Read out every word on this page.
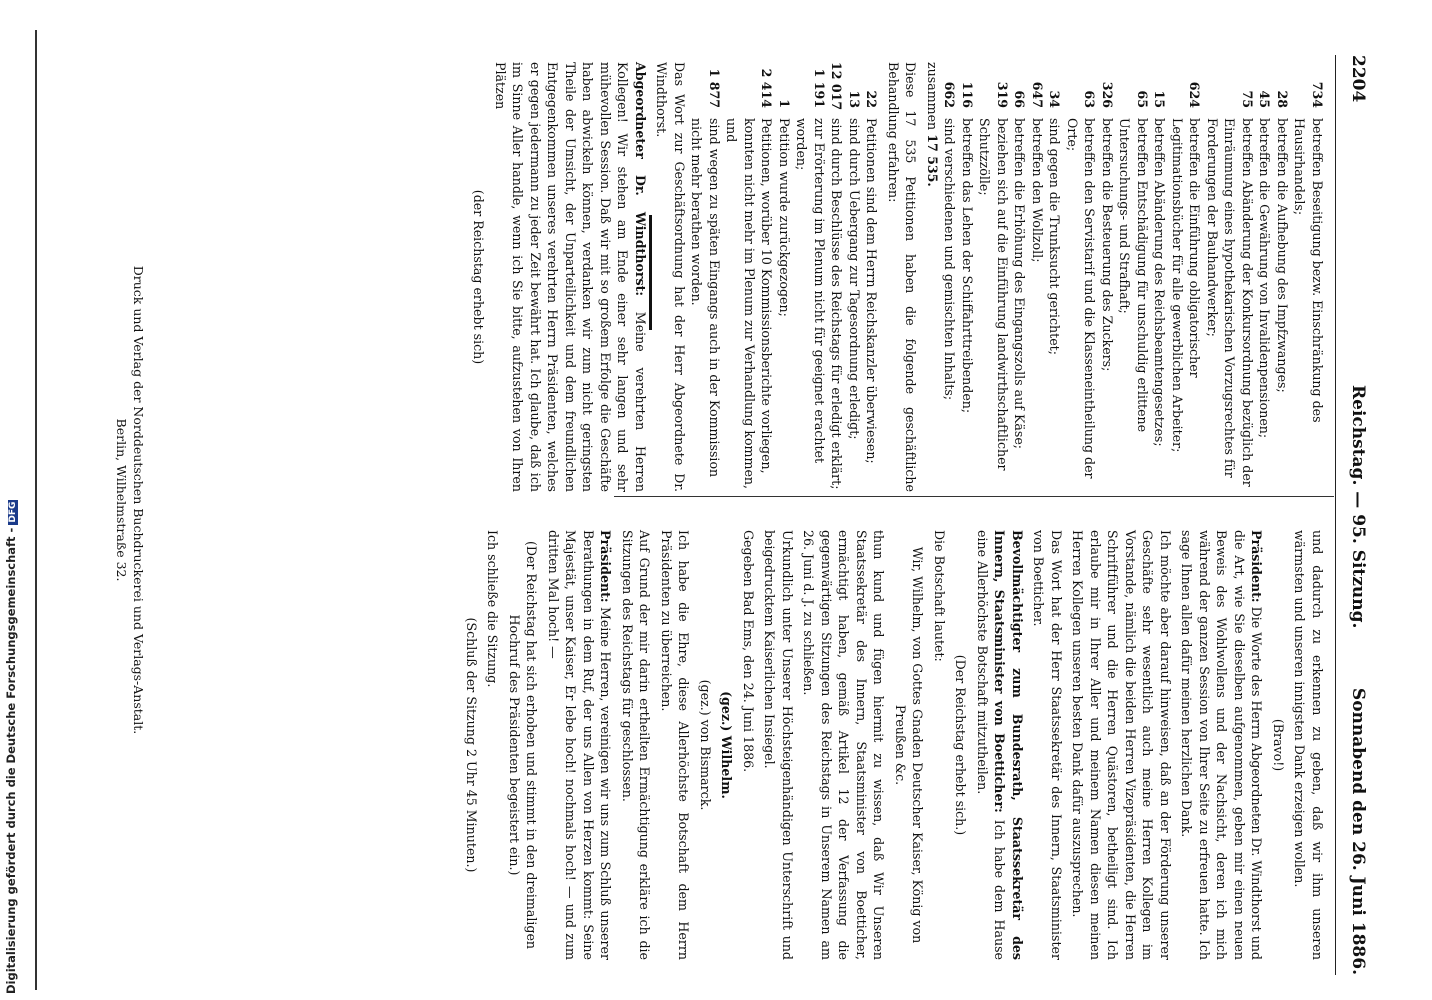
2204
Reichstag. — 95. Sitzung.
Sonnabend den 26. Juni 1886.
734
betreffen Beseitigung bezw. Einschränkung des Hausirhandels;
28
betreffen die Aufhebung des Impfzwanges;
45
betreffen die Gewährung von Invalidenpensionen;
75
betreffen Abänderung der Konkursordnung bezüglich der Einräumung eines hypothekarischen Vorzugsrechtes für Forderungen der Bauhandwerker;
624
betreffen die Einführung obligatorischer Legitimationsbücher für alle gewerblichen Arbeiter;
15
betreffen Abänderung des Reichsbeamtengesetzes;
65
betreffen Entschädigung für unschuldig erlittene Untersuchungs- und Strafhaft;
326
betreffen die Besteuerung des Zuckers;
63
betreffen den Servistarif und die Klasseneintheilung der Orte;
34
sind gegen die Trunksucht gerichtet;
647
betreffen den Wollzoll;
66
betreffen die Erhöhung des Eingangszolls auf Käse;
319
beziehen sich auf die Einführung landwirthschaftlicher Schutzzölle;
116
betreffen das Lehen der Schiffahrttreibenden;
662
sind verschiedenen und gemischten Inhalts;

zusammen 17 535.

Diese 17 535 Petitionen haben die folgende geschäftliche Behandlung erfahren:

22
Petitionen sind dem Herrn Reichskanzler überwiesen;
13
sind durch Uebergang zur Tagesordnung erledigt;
12 017
sind durch Beschlüsse des Reichstags für erledigt erklärt;
1 191
zur Erörterung im Plenum nicht für geeignet erachtet worden;
1
Petition wurde zurückgezogen;
2 414
Petitionen, worüber 10 Kommissionsberichte vorliegen, konnten nicht mehr im Plenum zur Verhandlung kommen, und
1 877
sind wegen zu späten Eingangs auch in der Kommission nicht mehr berathen worden.

Das Wort zur Geschäftsordnung hat der Herr Abgeordnete Dr. Windthorst.

Abgeordneter Dr. Windthorst: Meine verehrten Herren Kollegen! Wir stehen am Ende einer sehr langen und sehr mühevollen Session. Daß wir mit so großem Erfolge die Geschäfte haben abwickeln können, verdanken wir zum nicht geringsten Theile der Umsicht, der Unparteilichkeit und dem freundlichen Entgegenkommen unseres verehrten Herrn Präsidenten, welches er gegen jedermann zu jeder Zeit bewährt hat. Ich glaube, daß ich im Sinne Aller handle, wenn ich Sie bitte, aufzustehen von Ihren Plätzen

(der Reichstag erhebt sich)

und dadurch zu erkennen zu geben, daß wir ihm unseren wärmsten und unseren innigsten Dank erzeigen wollen.

(Bravo!)

Präsident: Die Worte des Herrn Abgeordneten Dr. Windthorst und die Art, wie Sie dieselben aufgenommen, geben mir einen neuen Beweis des Wohlwollens und der Nachsicht, deren ich mich während der ganzen Session von Ihrer Seite zu erfreuen hatte. Ich sage Ihnen allen dafür meinen herzlichen Dank.

Ich möchte aber darauf hinweisen, daß an der Förderung unserer Geschäfte sehr wesentlich auch meine Herren Kollegen im Vorstande, nämlich die beiden Herren Vizepräsidenten, die Herren Schriftführer und die Herren Quästoren, betheiligt sind. Ich erlaube mir in Ihrer Aller und meinem Namen diesen meinen Herren Kollegen unseren besten Dank dafür auszusprechen.

Das Wort hat der Herr Staatssekretär des Innern, Staatsminister von Boetticher.

Bevollmächtigter zum Bundesrath, Staatssekretär des Innern, Staatsminister von Boetticher: Ich habe dem Hause eine Allerhöchste Botschaft mitzutheilen.

(Der Reichstag erhebt sich.)

Die Botschaft lautet:

Wir, Wilhelm, von Gottes Gnaden Deutscher Kaiser, König von Preußen &c.

thun kund und fügen hiermit zu wissen, daß Wir Unseren Staatssekretär des Innern, Staatsminister von Boetticher, ermächtigt haben, gemäß Artikel 12 der Verfassung die gegenwärtigen Sitzungen des Reichstags in Unserem Namen am 26. Juni d. J. zu schließen.

Urkundlich unter Unserer Höchsteigenhändigen Unterschrift und beigedrucktem Kaiserlichen Insiegel.

Gegeben Bad Ems, den 24. Juni 1886.

(gez.) Wilhelm.

(gez.) von Bismarck.

Ich habe die Ehre, diese Allerhöchste Botschaft dem Herrn Präsidenten zu überreichen.

Auf Grund der mir darin ertheilten Ermächtigung erkläre ich die Sitzungen des Reichstags für geschlossen.

Präsident: Meine Herren, vereinigen wir uns zum Schluß unserer Berathungen in dem Ruf, der uns Allen von Herzen kommt: Seine Majestät, unser Kaiser, Er lebe hoch! nochmals hoch! — und zum dritten Mal hoch! —

(Der Reichstag hat sich erhoben und stimmt in den dreimaligen Hochruf des Präsidenten begeistert ein.)

Ich schließe die Sitzung.

(Schluß der Sitzung 2 Uhr 45 Minuten.)

Druck und Verlag der Norddeutschen Buchdruckerei und Verlags-Anstalt.
Berlin, Wilhelmstraße 32.
Digitalisierung gefördert durch die Deutsche Forschungsgemeinschaft -DFG
